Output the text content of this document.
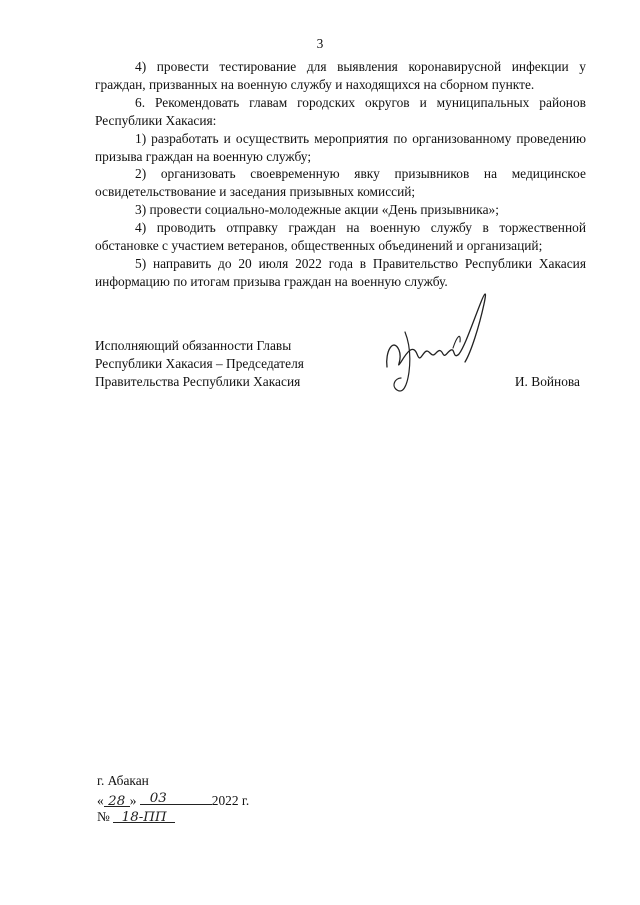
3

4) провести тестирование для выявления коронавирусной инфекции у граждан, призванных на военную службу и находящихся на сборном пункте.

6. Рекомендовать главам городских округов и муниципальных районов Республики Хакасия:

1) разработать и осуществить мероприятия по организованному проведению призыва граждан на военную службу;

2) организовать своевременную явку призывников на медицинское освидетельствование и заседания призывных комиссий;

3) провести социально-молодежные акции «День призывника»;

4) проводить отправку граждан на военную службу в торжественной обстановке с участием ветеранов, общественных объединений и организаций;

5) направить до 20 июля 2022 года в Правительство Республики Хакасия информацию по итогам призыва граждан на военную службу.

Исполняющий обязанности Главы
Республики Хакасия – Председателя
Правительства Республики Хакасия	И. Войнова
г. Абакан
« 28 » 03	2022 г.
№ 18-ПП
